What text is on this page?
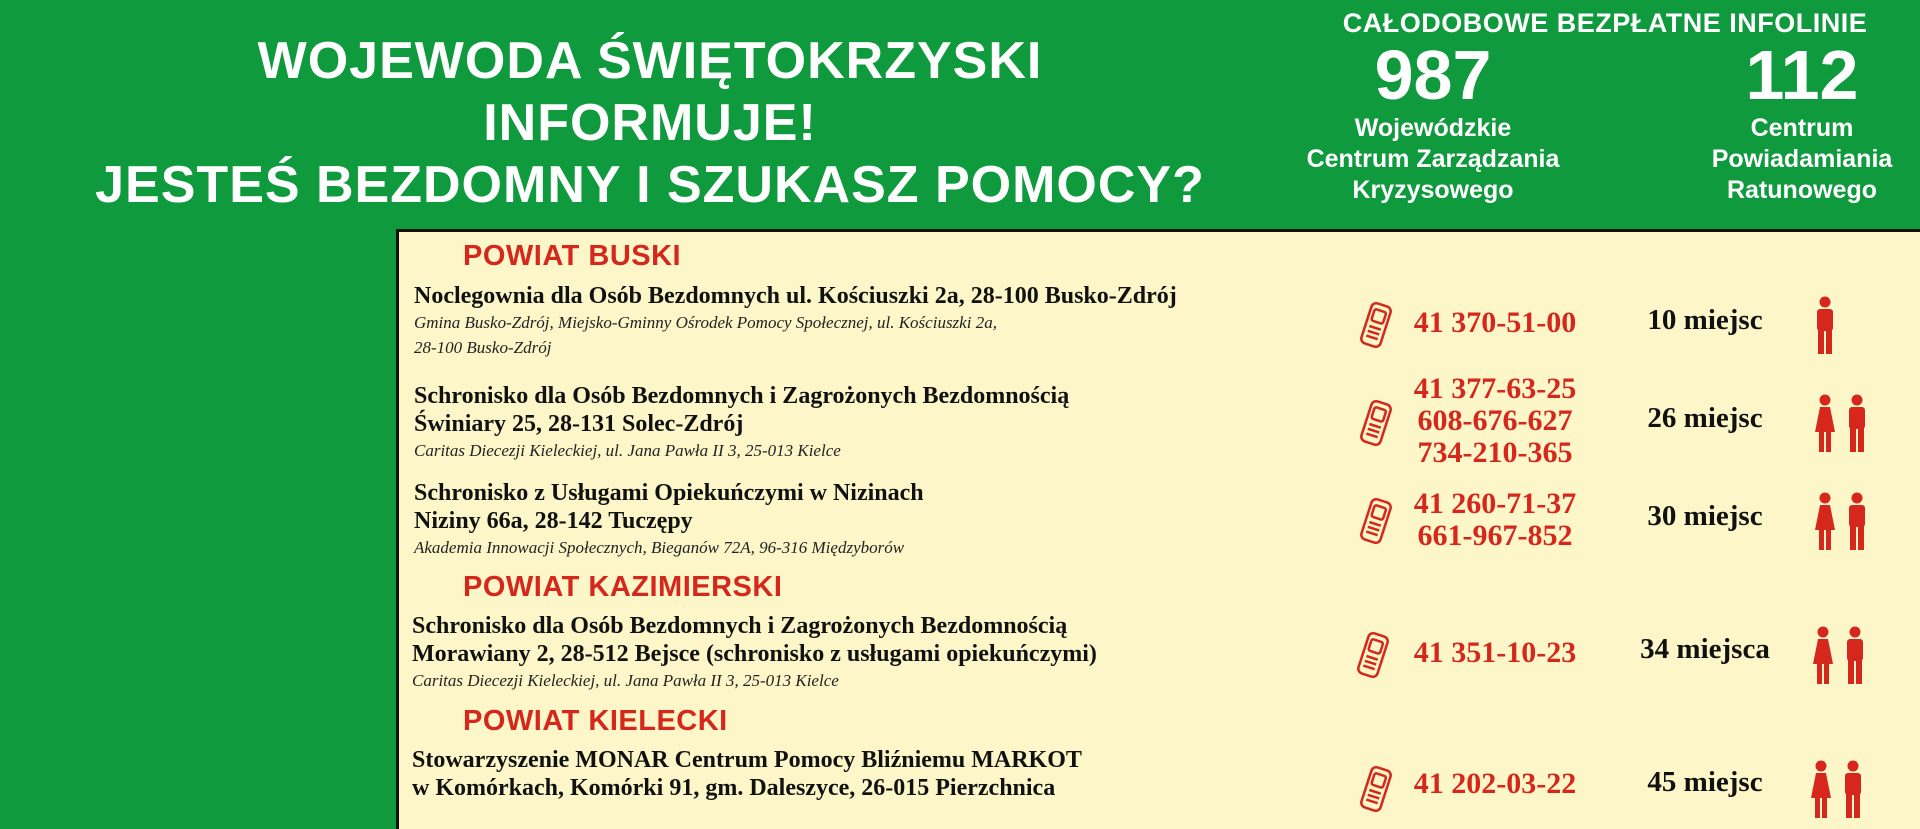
WOJEWODA ŚWIĘTOKRZYSKI
INFORMUJE!
JESTEŚ BEZDOMNY I SZUKASZ POMOCY?
CAŁODOBOWE BEZPŁATNE INFOLINIE
987
Wojewódzkie
Centrum Zarządzania
Kryzysowego
112
Centrum
Powiadamiania
Ratunowego
POWIAT BUSKI
POWIAT KAZIMIERSKI
POWIAT KIELECKI
Noclegownia dla Osób Bezdomnych ul. Kościuszki 2a, 28-100 Busko-Zdrój
Gmina Busko-Zdrój, Miejsko-Gminny Ośrodek Pomocy Społecznej, ul. Kościuszki 2a,
28-100 Busko-Zdrój
41 370-51-00	10 miejsc
Schronisko dla Osób Bezdomnych i Zagrożonych Bezdomnością
Świniary 25, 28-131 Solec-Zdrój
Caritas Diecezji Kieleckiej, ul. Jana Pawła II 3, 25-013 Kielce
41 377-63-25
608-676-627
734-210-365
26 miejsc
Schronisko z Usługami Opiekuńczymi w Nizinach
Niziny 66a, 28-142 Tuczępy
Akademia Innowacji Społecznych, Bieganów 72A, 96-316 Międzyborów
41 260-71-37
661-967-852
30 miejsc
Schronisko dla Osób Bezdomnych i Zagrożonych Bezdomnością
Morawiany 2, 28-512 Bejsce (schronisko z usługami opiekuńczymi)
Caritas Diecezji Kieleckiej, ul. Jana Pawła II 3, 25-013 Kielce
41 351-10-23	34 miejsca
Stowarzyszenie MONAR Centrum Pomocy Bliźniemu MARKOT
w Komórkach, Komórki 91, gm. Daleszyce, 26-015 Pierzchnica	41 202-03-22	45 miejsc
